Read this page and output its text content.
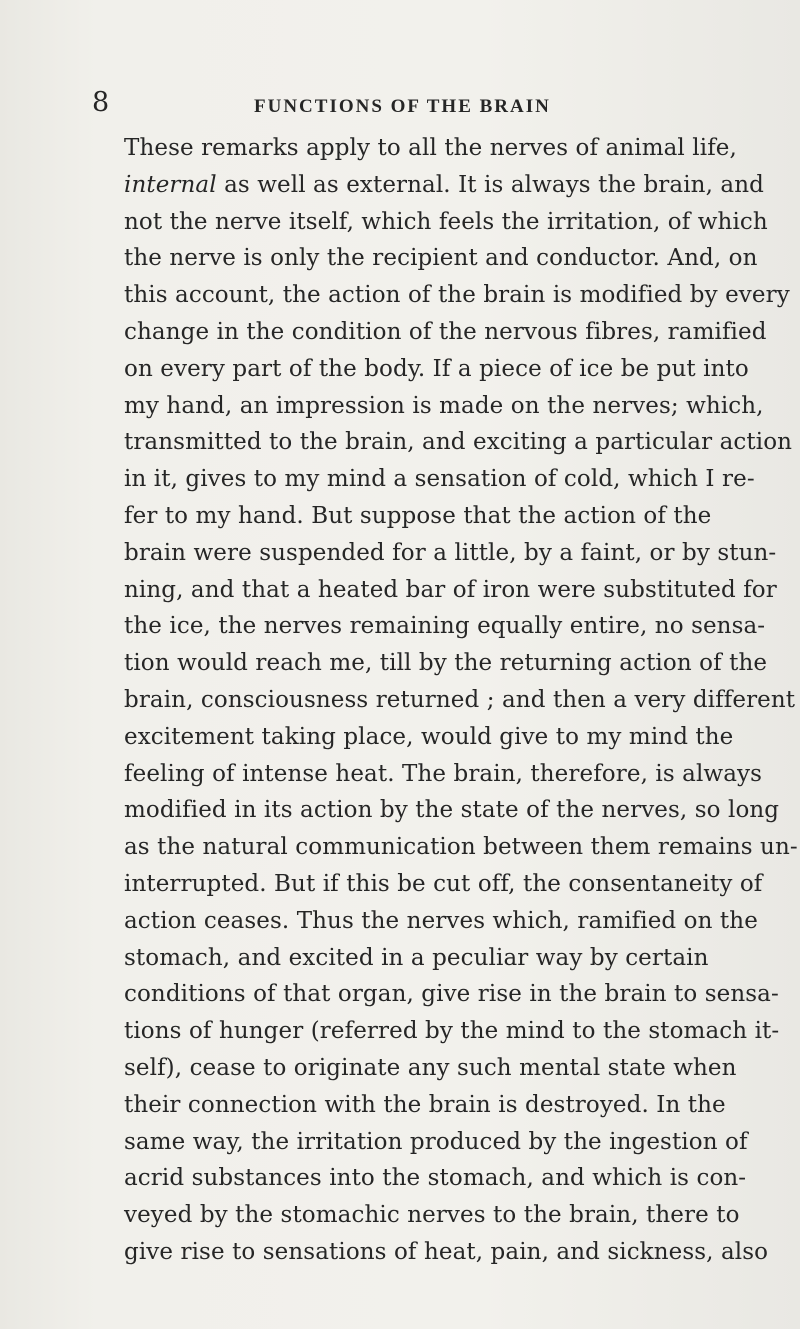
8	FUNCTIONS OF THE BRAIN
These remarks apply to all the nerves of animal life,
internal as well as external. It is always the brain, and
not the nerve itself, which feels the irritation, of which
the nerve is only the recipient and conductor. And, on
this account, the action of the brain is modified by every
change in the condition of the nervous fibres, ramified
on every part of the body. If a piece of ice be put into
my hand, an impression is made on the nerves; which,
transmitted to the brain, and exciting a particular action
in it, gives to my mind a sensation of cold, which I re-
fer to my hand. But suppose that the action of the
brain were suspended for a little, by a faint, or by stun-
ning, and that a heated bar of iron were substituted for
the ice, the nerves remaining equally entire, no sensa-
tion would reach me, till by the returning action of the
brain, consciousness returned ; and then a very different
excitement taking place, would give to my mind the
feeling of intense heat. The brain, therefore, is always
modified in its action by the state of the nerves, so long
as the natural communication between them remains un-
interrupted. But if this be cut off, the consentaneity of
action ceases. Thus the nerves which, ramified on the
stomach, and excited in a peculiar way by certain
conditions of that organ, give rise in the brain to sensa-
tions of hunger (referred by the mind to the stomach it-
self), cease to originate any such mental state when
their connection with the brain is destroyed. In the
same way, the irritation produced by the ingestion of
acrid substances into the stomach, and which is con-
veyed by the stomachic nerves to the brain, there to
give rise to sensations of heat, pain, and sickness, also
